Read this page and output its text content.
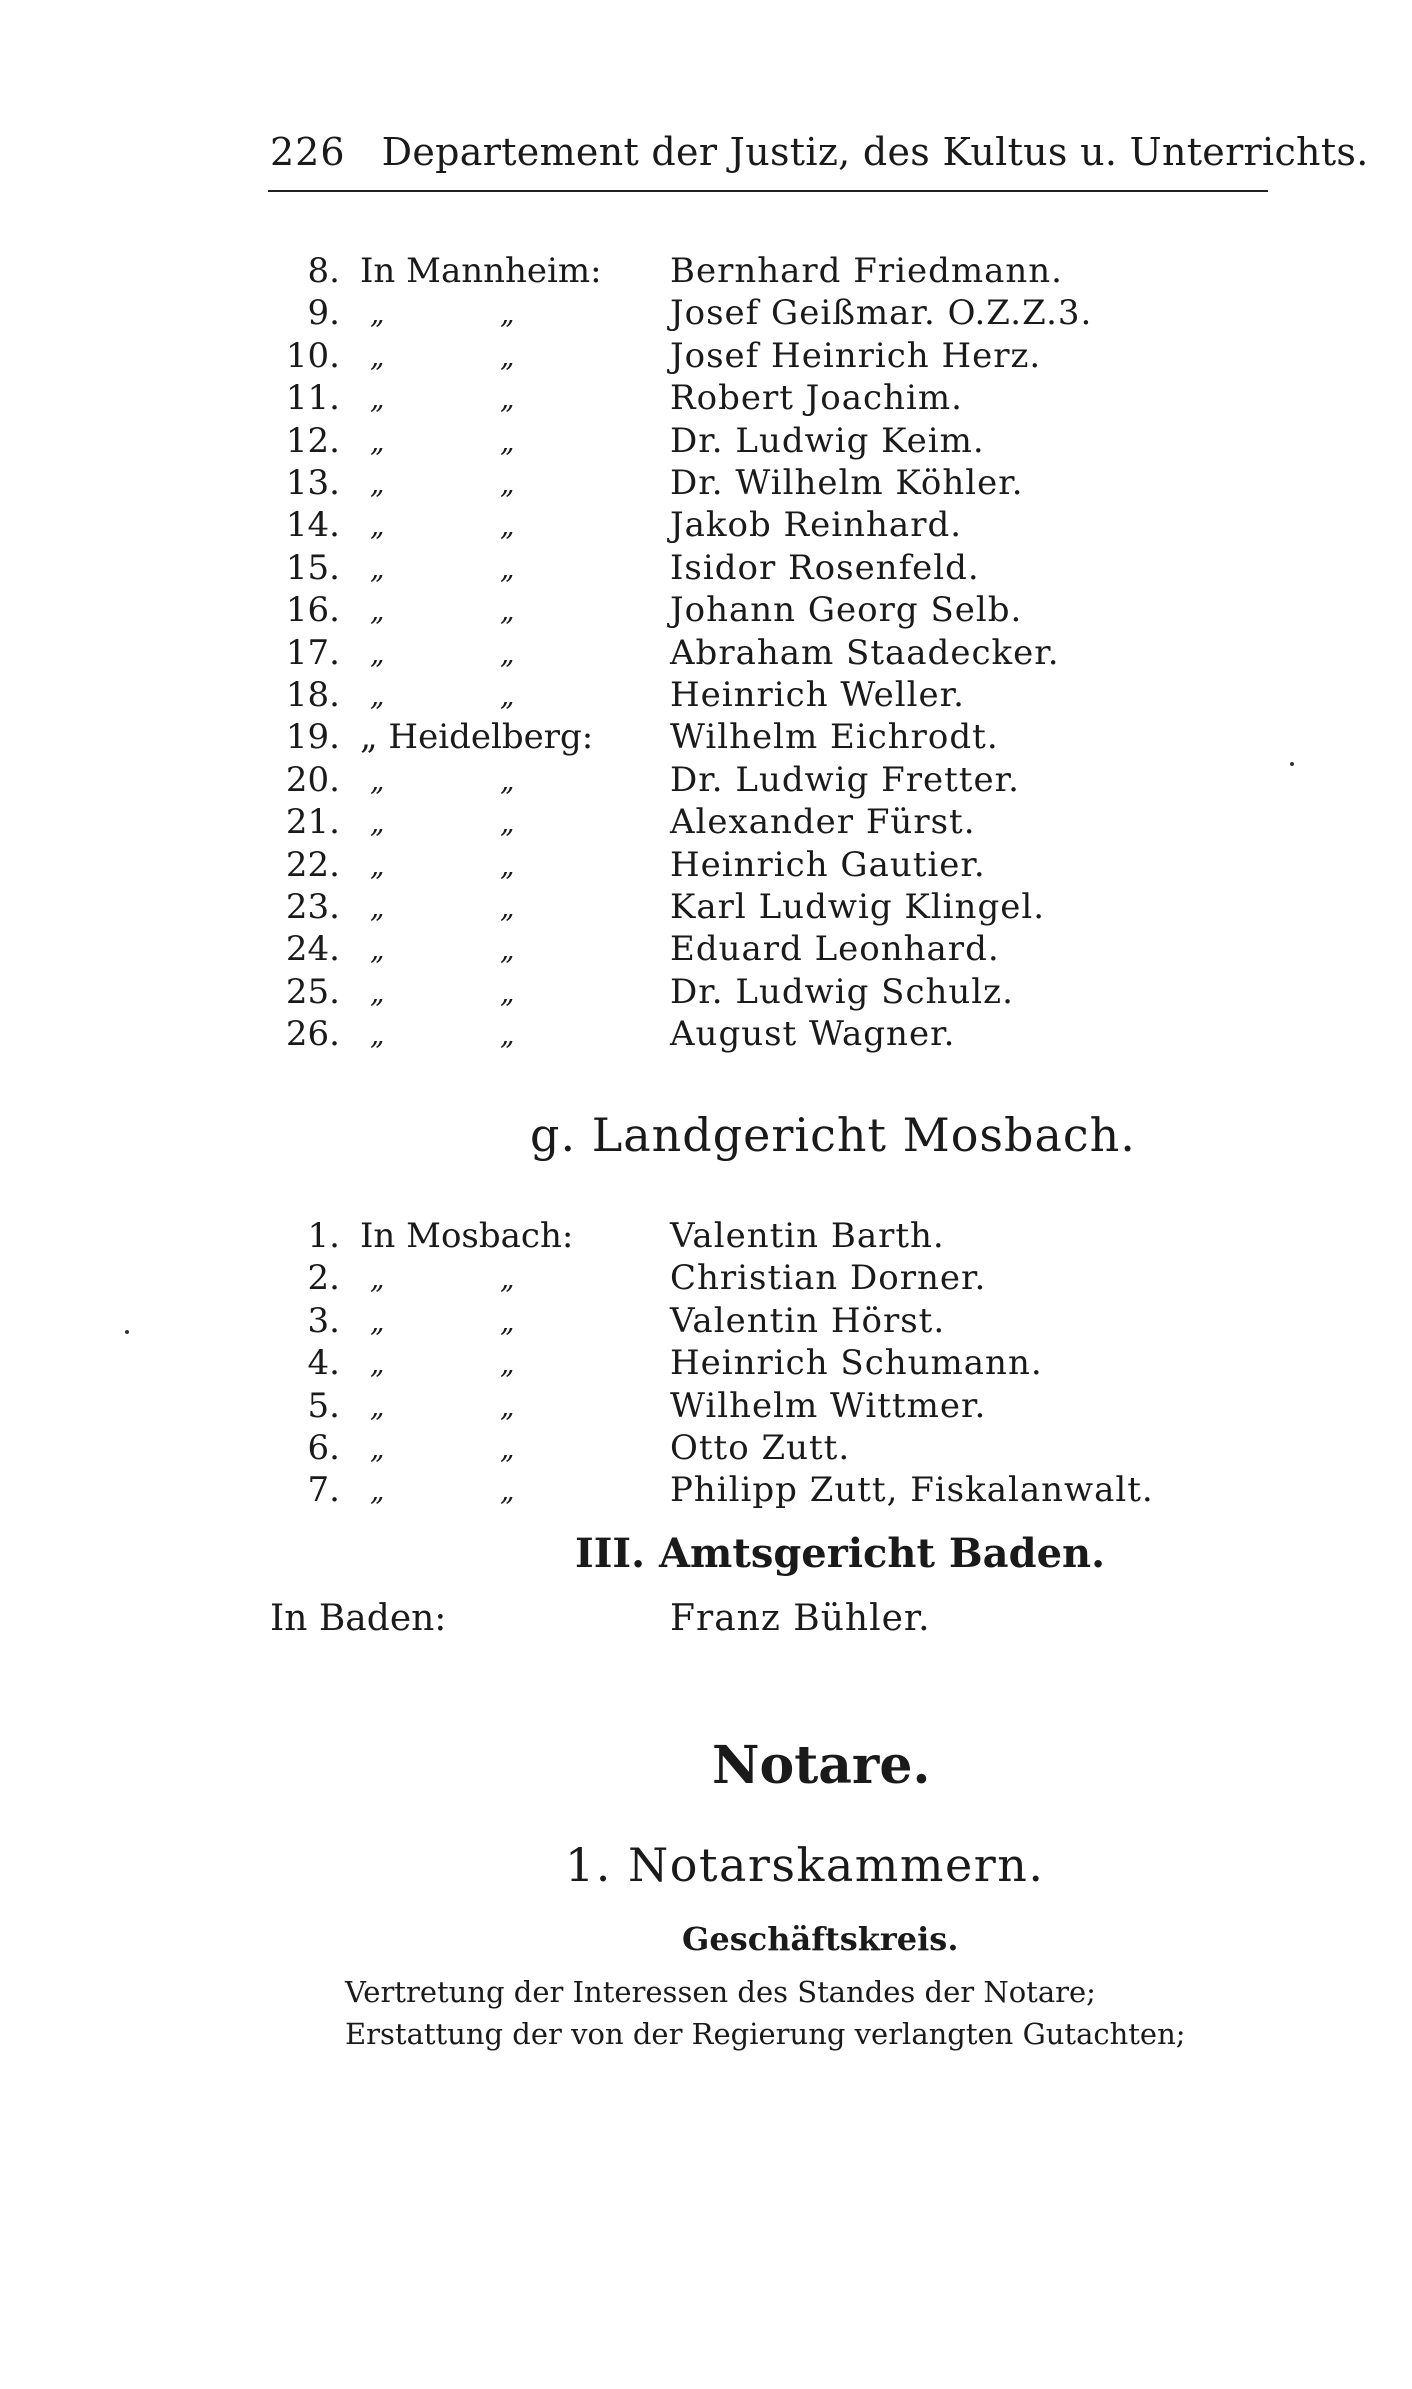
226 Departement der Justiz, des Kultus u. Unterrichts.
8. In Mannheim: Bernhard Friedmann.
9. „	„	Josef Geißmar. O.Z.Z.3.
10. „	„	Josef Heinrich Herz.
11. „	„	Robert Joachim.
12. „	„	Dr. Ludwig Keim.
13. „	„	Dr. Wilhelm Köhler.
14. „	„	Jakob Reinhard.
15. „	„	Isidor Rosenfeld.
16. „	„	Johann Georg Selb.
17. „	„	Abraham Staadecker.
18. „	„	Heinrich Weller.
19. „ Heidelberg: Wilhelm Eichrodt.
20. „	„	Dr. Ludwig Fretter.
21. „	„	Alexander Fürst.
22. „	„	Heinrich Gautier.
23. „	„	Karl Ludwig Klingel.
24. „	„	Eduard Leonhard.
25. „	„	Dr. Ludwig Schulz.
26. „	„	August Wagner.
g. Landgericht Mosbach.
1. In Mosbach:	Valentin Barth.
2. „	„	Christian Dorner.
3. „	„	Valentin Hörst.
4. „	„	Heinrich Schumann.
5. „	„	Wilhelm Wittmer.
6. „	„	Otto Zutt.
7. „	„	Philipp Zutt, Fiskalanwalt.
III. Amtsgericht Baden.
In Baden:	Franz Bühler.
Notare.
1. Notarskammern.
Geschäftskreis.
Vertretung der Interessen des Standes der Notare;
Erstattung der von der Regierung verlangten Gutachten;
